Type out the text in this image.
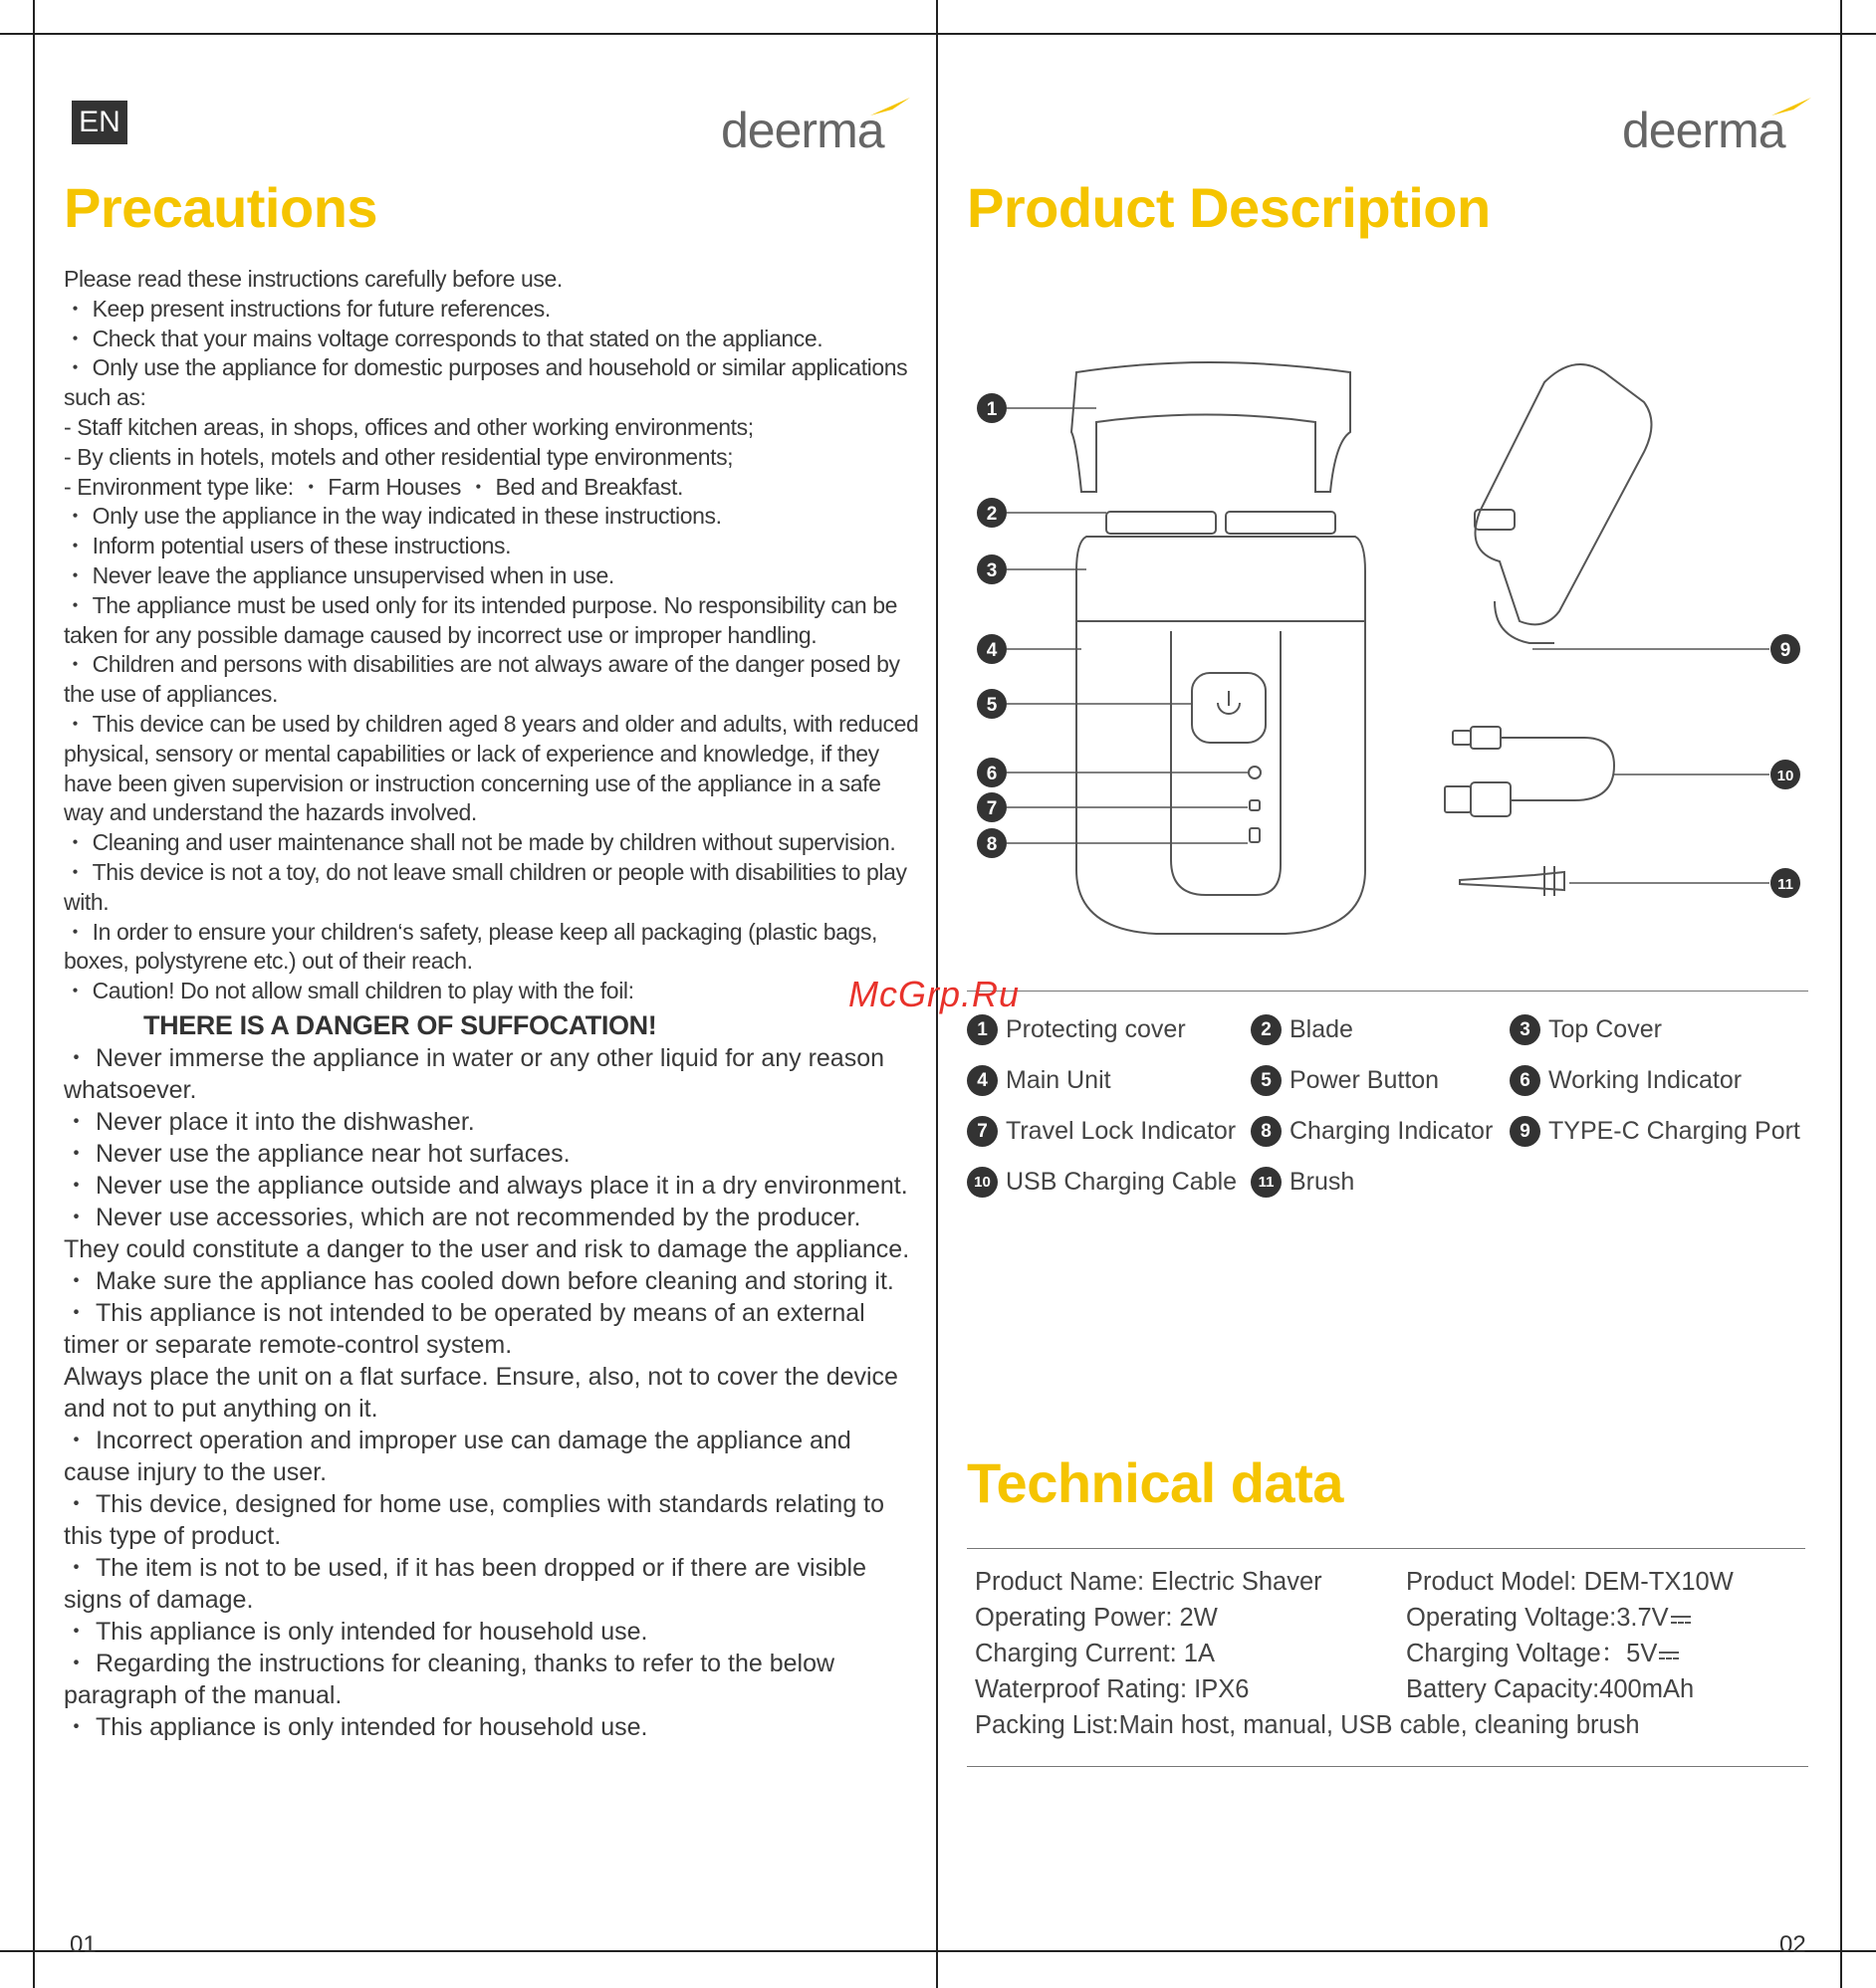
EN	deerma
Precautions

Please read these instructions carefully before use.

・ Keep present instructions for future references.

・ Check that your mains voltage corresponds to that stated on the appliance.

・ Only use the appliance for domestic purposes and household or similar applications such as:

- Staff kitchen areas, in shops, offices and other working environments;

- By clients in hotels, motels and other residential type environments;

- Environment type like: ・ Farm Houses ・ Bed and Breakfast.

・ Only use the appliance in the way indicated in these instructions.

・ Inform potential users of these instructions.

・ Never leave the appliance unsupervised when in use.

・ The appliance must be used only for its intended purpose. No responsibility can be taken for any possible damage caused by incorrect use or improper handling.

・ Children and persons with disabilities are not always aware of the danger posed by the use of appliances.

・ This device can be used by children aged 8 years and older and adults, with reduced physical, sensory or mental capabilities or lack of experience and knowledge, if they have been given supervision or instruction concerning use of the appliance in a safe way and understand the hazards involved.

・ Cleaning and user maintenance shall not be made by children without supervision.

・ This device is not a toy, do not leave small children or people with disabilities to play with.

・ In order to ensure your children‘s safety, please keep all packaging (plastic bags, boxes, polystyrene etc.) out of their reach.

・ Caution! Do not allow small children to play with the foil:

THERE IS A DANGER OF SUFFOCATION!

・ Never immerse the appliance in water or any other liquid for any reason whatsoever.

・ Never place it into the dishwasher.

・ Never use the appliance near hot surfaces.

・ Never use the appliance outside and always place it in a dry environment.

・ Never use accessories, which are not recommended by the producer.

They could constitute a danger to the user and risk to damage the appliance.

・ Make sure the appliance has cooled down before cleaning and storing it.

・ This appliance is not intended to be operated by means of an external timer or separate remote-control system.

Always place the unit on a flat surface. Ensure, also, not to cover the device and not to put anything on it.

・ Incorrect operation and improper use can damage the appliance and cause injury to the user.

・ This device, designed for home use, complies with standards relating to this type of product.

・ The item is not to be used, if it has been dropped or if there are visible signs of damage.

・ This appliance is only intended for household use.

・ Regarding the instructions for cleaning, thanks to refer to the below paragraph of the manual.

・ This appliance is only intended for household use.

01
deerma
Product Description
1
2
3
4
5
6
7
8
9
10
11
1 Protecting cover	2 Blade	3 Top Cover
4 Main Unit	5 Power Button	6 Working Indicator
7 Travel Lock Indicator	8 Charging Indicator	9 TYPE-C Charging Port
10 USB Charging Cable	11 Brush
Technical data
Product Name: Electric Shaver	Product Model: DEM-TX10W
Operating Power: 2W	Operating Voltage:3.7V
Charging Current: 1A	Charging Voltage：5V
Waterproof Rating: IPX6	Battery Capacity:400mAh
Packing List:Main host, manual, USB cable, cleaning brush
02
McGrp.Ru
